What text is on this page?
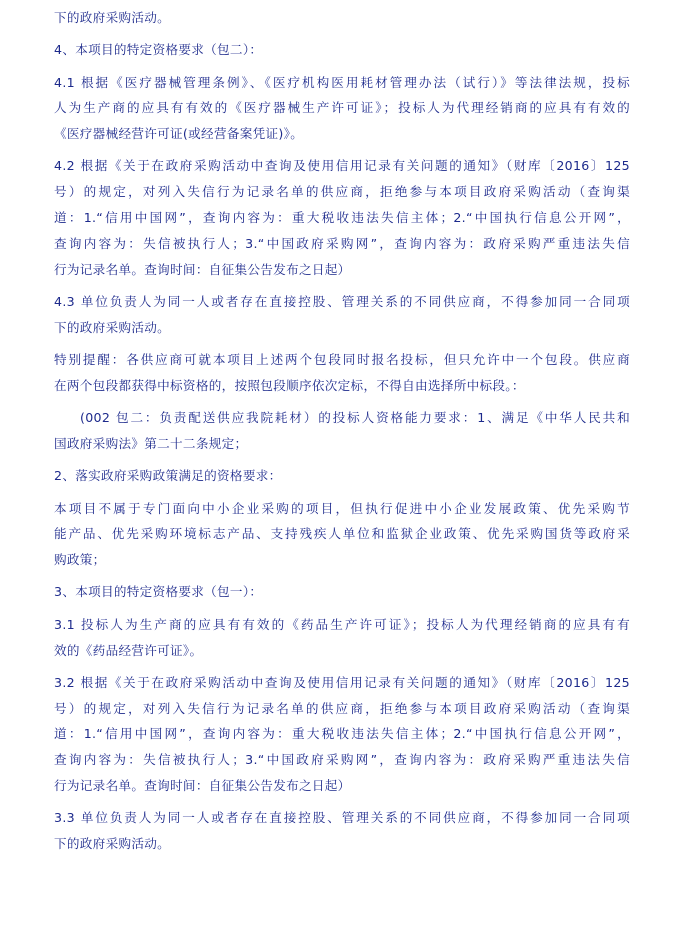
下的政府采购活动。
4、本项目的特定资格要求（包二）：
4.1 根据《医疗器械管理条例》、《医疗机构医用耗材管理办法（试行）》等法律法规，投标
人为生产商的应具有有效的《医疗器械生产许可证》；投标人为代理经销商的应具有有效的
《医疗器械经营许可证(或经营备案凭证)》。
4.2 根据《关于在政府采购活动中查询及使用信用记录有关问题的通知》（财库〔2016〕125
号）的规定，对列入失信行为记录名单的供应商，拒绝参与本项目政府采购活动（查询渠
道：1.“信用中国网”，查询内容为：重大税收违法失信主体；2.“中国执行信息公开网”，
查询内容为：失信被执行人；3.“中国政府采购网”，查询内容为：政府采购严重违法失信
行为记录名单。查询时间：自征集公告发布之日起）
4.3 单位负责人为同一人或者存在直接控股、管理关系的不同供应商，不得参加同一合同项
下的政府采购活动。
特别提醒：各供应商可就本项目上述两个包段同时报名投标，但只允许中一个包段。供应商
在两个包段都获得中标资格的，按照包段顺序依次定标，不得自由选择所中标段。：
(002 包二：负责配送供应我院耗材）的投标人资格能力要求：1、满足《中华人民共和
国政府采购法》第二十二条规定；
2、落实政府采购政策满足的资格要求：
本项目不属于专门面向中小企业采购的项目，但执行促进中小企业发展政策、优先采购节
能产品、优先采购环境标志产品、支持残疾人单位和监狱企业政策、优先采购国货等政府采
购政策；
3、本项目的特定资格要求（包一）：
3.1 投标人为生产商的应具有有效的《药品生产许可证》；投标人为代理经销商的应具有有
效的《药品经营许可证》。
3.2 根据《关于在政府采购活动中查询及使用信用记录有关问题的通知》（财库〔2016〕125
号）的规定，对列入失信行为记录名单的供应商，拒绝参与本项目政府采购活动（查询渠
道：1.“信用中国网”，查询内容为：重大税收违法失信主体；2.“中国执行信息公开网”，
查询内容为：失信被执行人；3.“中国政府采购网”，查询内容为：政府采购严重违法失信
行为记录名单。查询时间：自征集公告发布之日起）
3.3 单位负责人为同一人或者存在直接控股、管理关系的不同供应商，不得参加同一合同项
下的政府采购活动。
